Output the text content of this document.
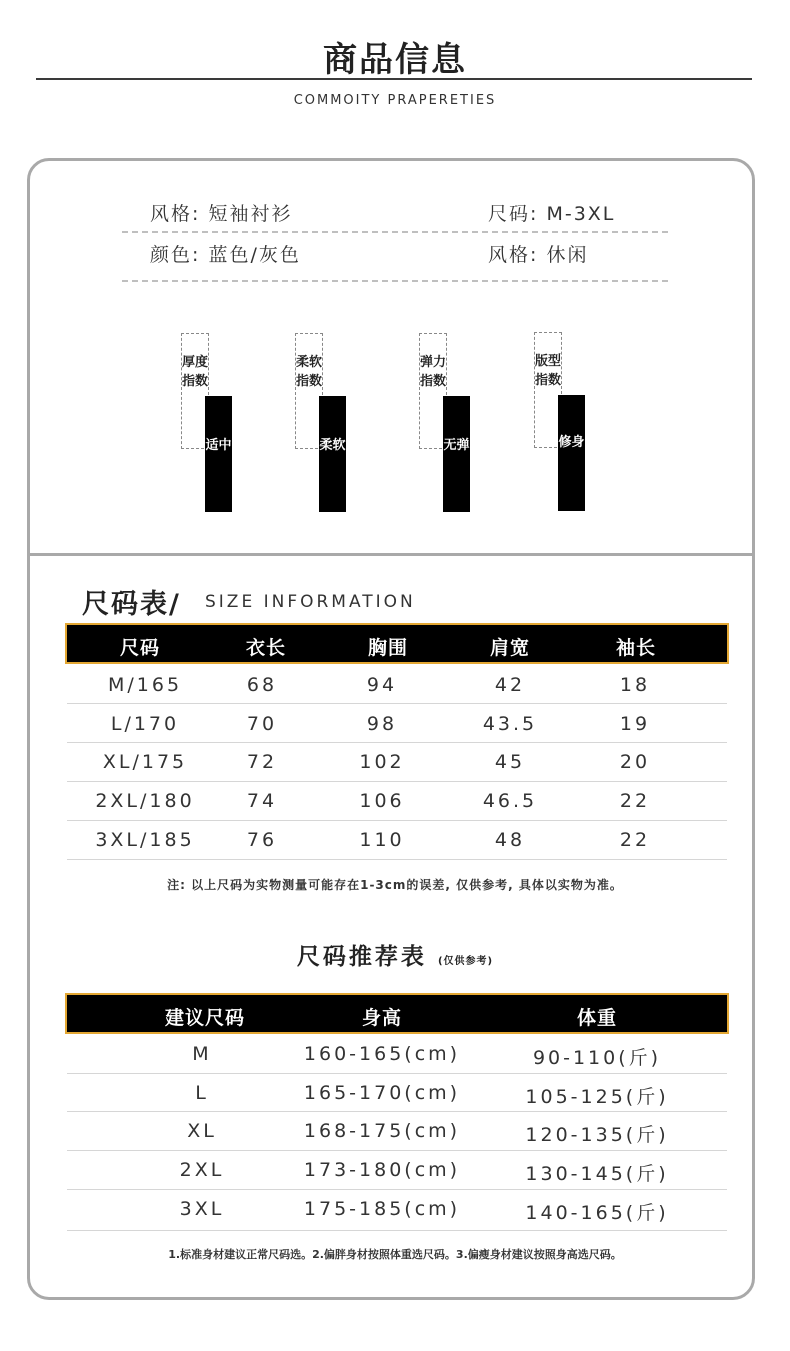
商品信息
COMMOITY PRAPERETIES
风格: 短袖衬衫	尺码: M-3XL
颜色: 蓝色/灰色	风格: 休闲
厚度指数
适中
柔软指数
柔软
弹力指数
无弹
版型指数
修身
尺码表/ SIZE INFORMATION
尺码	衣长	胸围	肩宽	袖长
M/165	68	94	42	18
L/170	70	98	43.5	19
XL/175	72	102	45	20
2XL/180	74	106	46.5	22
3XL/185	76	110	48	22
注: 以上尺码为实物测量可能存在1-3cm的误差, 仅供参考, 具体以实物为准。
尺码推荐表 (仅供参考)
建议尺码	身高	体重
M	160-165(cm)	90-110(斤)
L	165-170(cm)	105-125(斤)
XL	168-175(cm)	120-135(斤)
2XL	173-180(cm)	130-145(斤)
3XL	175-185(cm)	140-165(斤)
1.标准身材建议正常尺码选。2.偏胖身材按照体重选尺码。3.偏瘦身材建议按照身高选尺码。
